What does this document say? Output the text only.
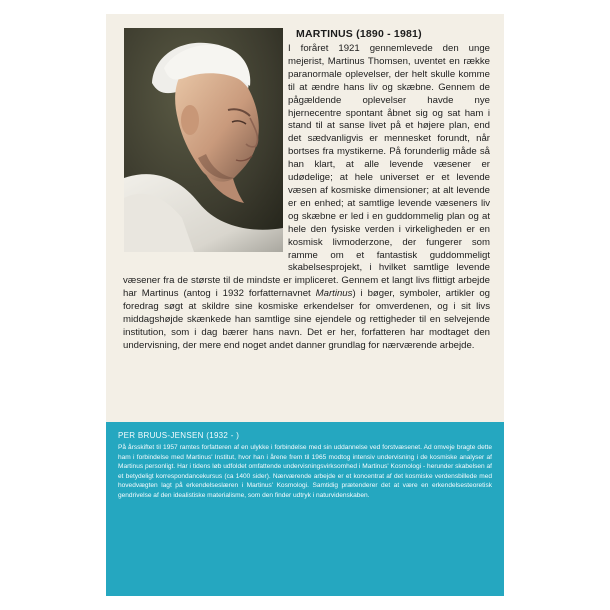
MARTINUS (1890 - 1981)
I foråret 1921 gennemlevede den unge mejerist, Martinus Thomsen, uventet en række paranormale oplevelser, der helt skulle komme til at ændre hans liv og skæbne. Gennem de pågældende oplevelser havde nye hjernecentre spontant åbnet sig og sat ham i stand til at sanse livet på et højere plan, end det sædvanligvis er mennesket forundt, når bortses fra mystikerne. På forunderlig måde så han klart, at alle levende væsener er udødelige; at hele universet er et levende væsen af kosmiske dimensioner; at alt levende er en enhed; at samtlige levende væseners liv og skæbne er led i en guddommelig plan og at hele den fysiske verden i virkeligheden er en kosmisk livmoderzone, der fungerer som ramme om et fantastisk guddommeligt skabelsesprojekt, i hvilket samtlige levende væsener fra de største til de mindste er impliceret. Gennem et langt livs flittigt arbejde har Martinus (antog i 1932 forfatternavnet Martinus) i bøger, symboler, artikler og foredrag søgt at skildre sine kosmiske erkendelser for omverdenen, og i sit livs middagshøjde skænkede han samtlige sine ejendele og rettigheder til en selvejende institution, som i dag bærer hans navn. Det er her, forfatteren har modtaget den undervisning, der mere end noget andet danner grundlag for nærværende arbejde.
PER BRUUS-JENSEN (1932 - )
På årsskiftet til 1957 ramtes forfatteren af en ulykke i forbindelse med sin uddannelse ved forstvæsenet. Ad omveje bragte dette ham i forbindelse med Martinus' Institut, hvor han i årene frem til 1965 modtog intensiv undervisning i de kosmiske analyser af Martinus personligt. Har i tidens løb udfoldet omfattende undervisningsvirksomhed i Martinus' Kosmologi - herunder skabelsen af et betydeligt korrespondancekursus (ca 1400 sider). Nærværende arbejde er et koncentrat af det kosmiske verdensbillede med hovedvægten lagt på erkendelseslæren i Martinus' Kosmologi. Samtidig prætenderer det at være en erkendelsesteoretisk gendrivelse af den idealistiske materialisme, som den finder udtryk i naturvidenskaben.
